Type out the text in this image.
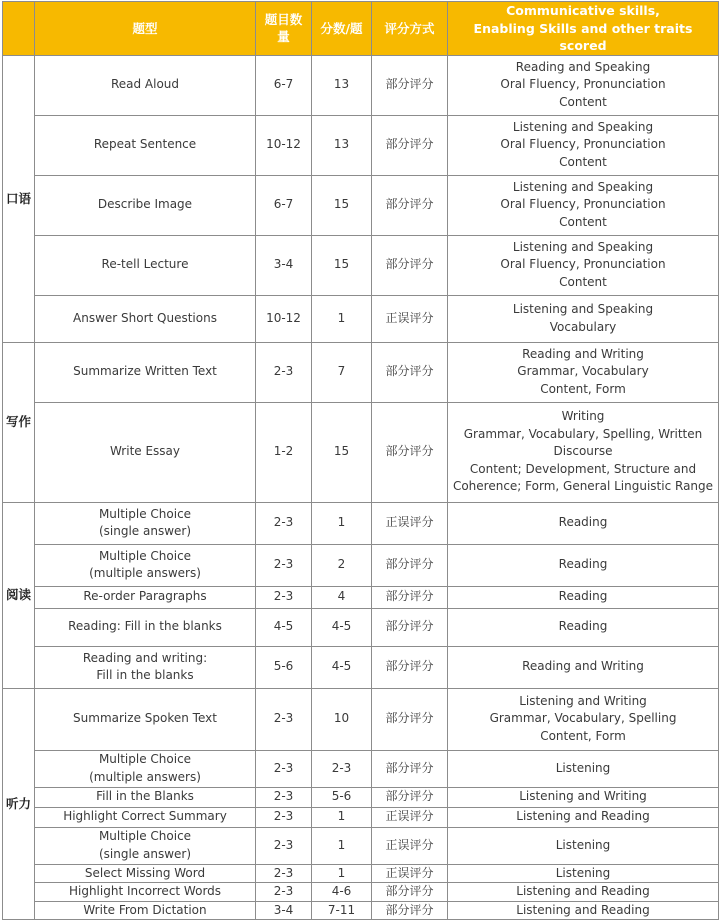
	题型	题目数量	分数/题	评分方式	Communicative skills,
Enabling Skills and other traits scored
口语	Read Aloud	6-7	13	部分评分	Reading and Speaking
Oral Fluency, Pronunciation
Content
	Repeat Sentence	10-12	13	部分评分	Listening and Speaking
Oral Fluency, Pronunciation
Content
	Describe Image	6-7	15	部分评分	Listening and Speaking
Oral Fluency, Pronunciation
Content
	Re-tell Lecture	3-4	15	部分评分	Listening and Speaking
Oral Fluency, Pronunciation
Content
	Answer Short Questions	10-12	1	正误评分	Listening and Speaking
Vocabulary
写作	Summarize Written Text	2-3	7	部分评分	Reading and Writing
Grammar, Vocabulary
Content, Form
	Write Essay	1-2	15	部分评分	Writing
Grammar, Vocabulary, Spelling, Written Discourse
Content; Development, Structure and Coherence; Form, General Linguistic Range
阅读	Multiple Choice
(single answer)	2-3	1	正误评分	Reading
	Multiple Choice
(multiple answers)	2-3	2	部分评分	Reading
	Re-order Paragraphs	2-3	4	部分评分	Reading
	Reading: Fill in the blanks	4-5	4-5	部分评分	Reading
	Reading and writing:
Fill in the blanks	5-6	4-5	部分评分	Reading and Writing
听力	Summarize Spoken Text	2-3	10	部分评分	Listening and Writing
Grammar, Vocabulary, Spelling
Content, Form
	Multiple Choice
(multiple answers)	2-3	2-3	部分评分	Listening
	Fill in the Blanks	2-3	5-6	部分评分	Listening and Writing
	Highlight Correct Summary	2-3	1	正误评分	Listening and Reading
	Multiple Choice
(single answer)	2-3	1	正误评分	Listening
	Select Missing Word	2-3	1	正误评分	Listening
	Highlight Incorrect Words	2-3	4-6	部分评分	Listening and Reading
	Write From Dictation	3-4	7-11	部分评分	Listening and Reading
